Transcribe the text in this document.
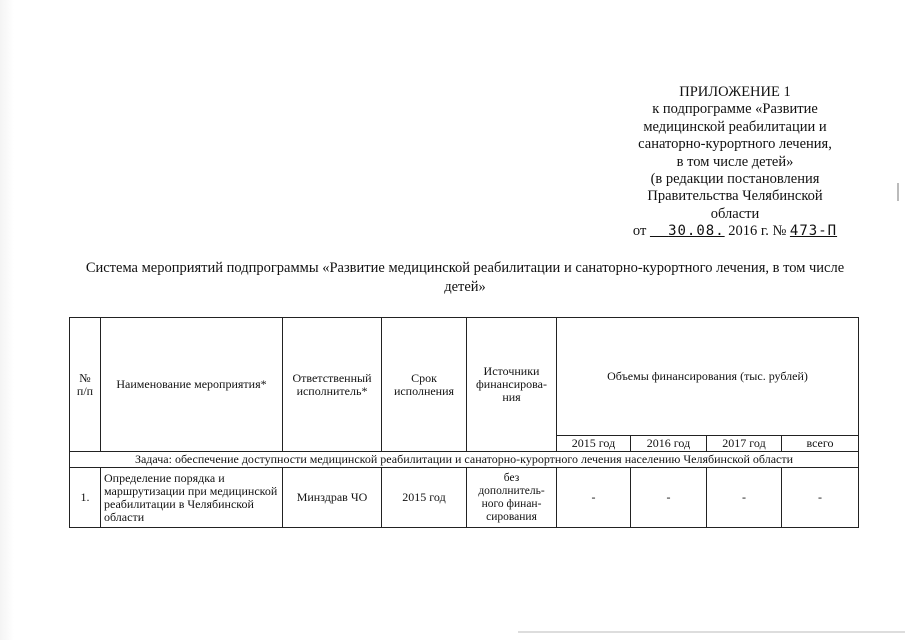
ПРИЛОЖЕНИЕ 1
к подпрограмме «Развитие
медицинской реабилитации и
санаторно-курортного лечения,
в том числе детей»
(в редакции постановления
Правительства Челябинской
области
от 30.08. 2016 г. № 473-П
Система мероприятий подпрограммы «Развитие медицинской реабилитации и санаторно-курортного лечения, в том числе детей»
№ п/п	Наименование мероприятия*	Ответственный исполнитель*	Срок исполнения	Источники финансирова-ния	Объемы финансирования (тыс. рублей)			
					2015 год	2016 год	2017 год	всего
Задача: обеспечение доступности медицинской реабилитации и санаторно-курортного лечения населению Челябинской области								
1.	Определение порядка и маршрутизации при медицинской реабилитации в Челябинской области	Минздрав ЧО	2015 год	без дополнитель-ного финан-сирования	-	-	-	-
